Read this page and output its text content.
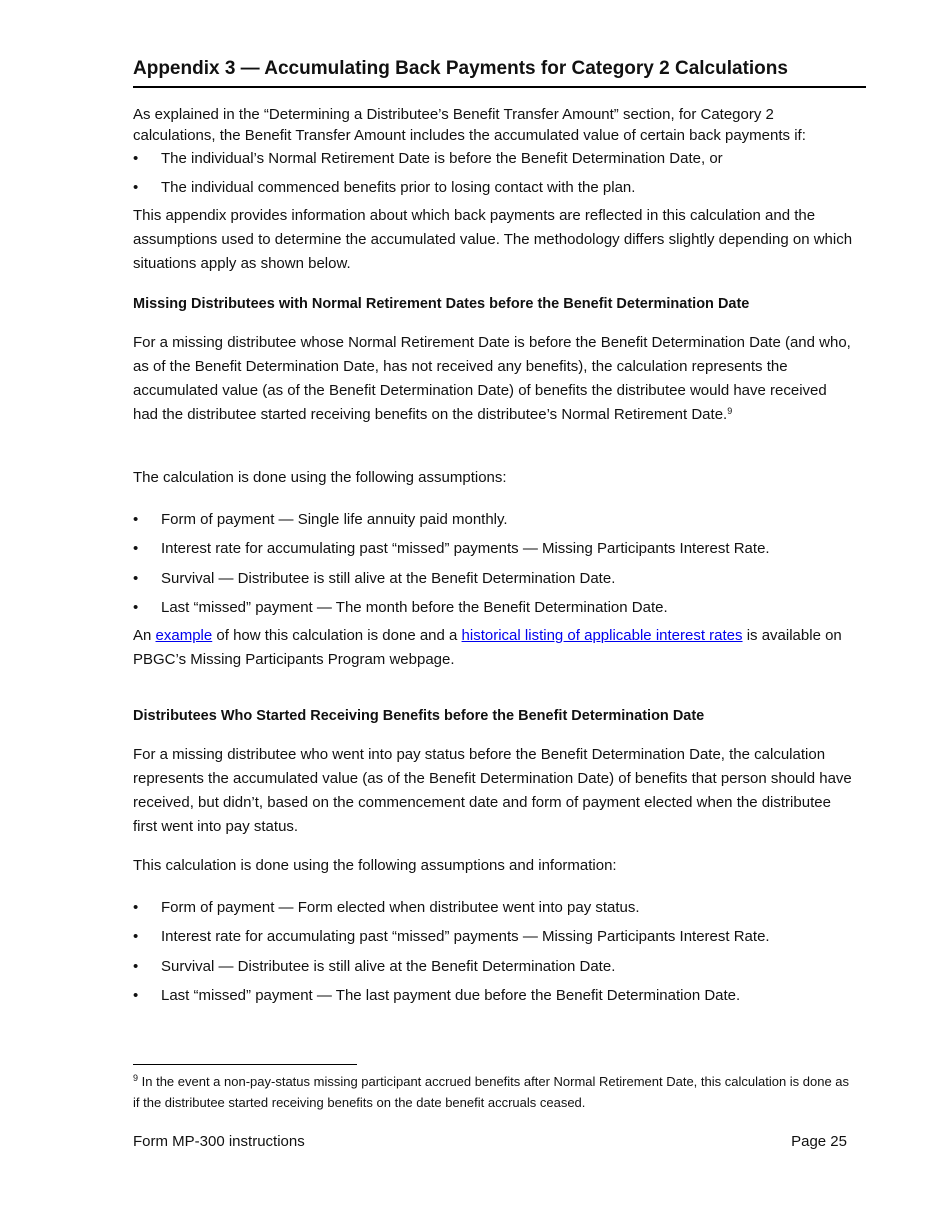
Appendix 3 — Accumulating Back Payments for Category 2 Calculations
As explained in the “Determining a Distributee’s Benefit Transfer Amount” section, for Category 2 calculations, the Benefit Transfer Amount includes the accumulated value of certain back payments if:
• The individual’s Normal Retirement Date is before the Benefit Determination Date, or
• The individual commenced benefits prior to losing contact with the plan.
This appendix provides information about which back payments are reflected in this calculation and the assumptions used to determine the accumulated value. The methodology differs slightly depending on which situations apply as shown below.
Missing Distributees with Normal Retirement Dates before the Benefit Determination Date
For a missing distributee whose Normal Retirement Date is before the Benefit Determination Date (and who, as of the Benefit Determination Date, has not received any benefits), the calculation represents the accumulated value (as of the Benefit Determination Date) of benefits the distributee would have received had the distributee started receiving benefits on the distributee’s Normal Retirement Date.$^9$
The calculation is done using the following assumptions:
• Form of payment — Single life annuity paid monthly.
• Interest rate for accumulating past “missed” payments — Missing Participants Interest Rate.
• Survival — Distributee is still alive at the Benefit Determination Date.
• Last “missed” payment — The month before the Benefit Determination Date.
An example of how this calculation is done and a historical listing of applicable interest rates is available on PBGC’s Missing Participants Program webpage.
Distributees Who Started Receiving Benefits before the Benefit Determination Date
For a missing distributee who went into pay status before the Benefit Determination Date, the calculation represents the accumulated value (as of the Benefit Determination Date) of benefits that person should have received, but didn’t, based on the commencement date and form of payment elected when the distributee first went into pay status.
This calculation is done using the following assumptions and information:
• Form of payment — Form elected when distributee went into pay status.
• Interest rate for accumulating past “missed” payments — Missing Participants Interest Rate.
• Survival — Distributee is still alive at the Benefit Determination Date.
• Last “missed” payment — The last payment due before the Benefit Determination Date.
$^9$ In the event a non-pay-status missing participant accrued benefits after Normal Retirement Date, this calculation is done as if the distributee started receiving benefits on the date benefit accruals ceased.
Form MP-300 instructions	Page 25
